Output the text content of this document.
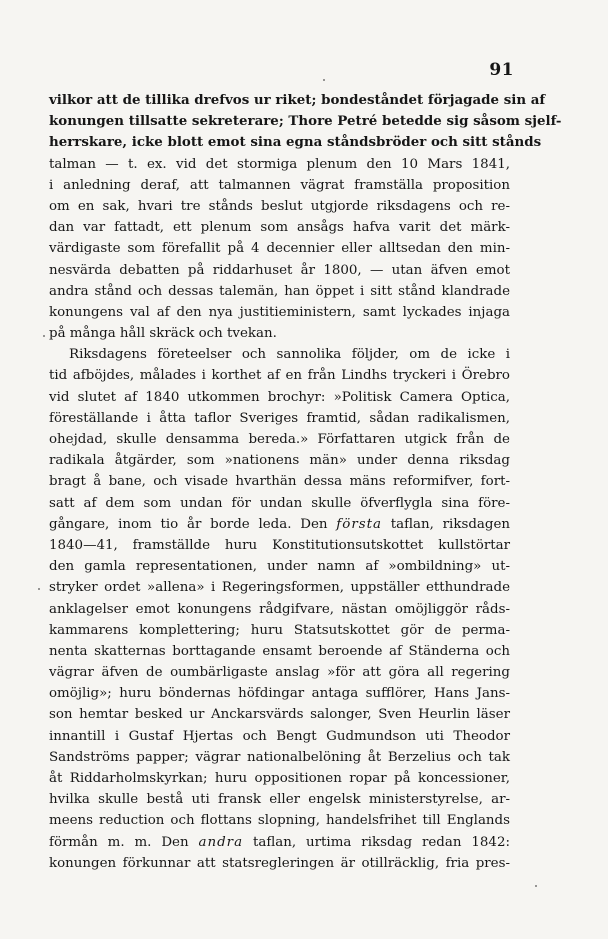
91
vilkor att de tillika drefvos ur riket; bondeståndet förjagade sin af
konungen tillsatte sekreterare; Thore Petré betedde sig såsom sjelf-
herrskare, icke blott emot sina egna ståndsbröder och sitt stånds
talman — t. ex. vid det stormiga plenum den 10 Mars 1841,
i anledning deraf, att talmannen vägrat framställa proposition
om en sak, hvari tre stånds beslut utgjorde riksdagens och re-
dan var fattadt, ett plenum som ansågs hafva varit det märk-
värdigaste som förefallit på 4 decennier eller alltsedan den min-
nesvärda debatten på riddarhuset år 1800, — utan äfven emot
andra stånd och dessas talemän, han öppet i sitt stånd klandrade
konungens val af den nya justitieministern, samt lyckades injaga
på många håll skräck och tvekan.
Riksdagens företeelser och sannolika följder, om de icke i
tid afböjdes, målades i korthet af en från Lindhs tryckeri i Örebro
vid slutet af 1840 utkommen brochyr: »Politisk Camera Optica,
föreställande i åtta taflor Sveriges framtid, sådan radikalismen,
ohejdad, skulle densamma bereda.» Författaren utgick från de
radikala åtgärder, som »nationens män» under denna riksdag
bragt å bane, och visade hvarthän dessa mäns reformifver, fort-
satt af dem som undan för undan skulle öfverflygla sina före-
gångare, inom tio år borde leda. Den första taflan, riksdagen
1840—41, framställde huru Konstitutionsutskottet kullstörtar
den gamla representationen, under namn af »ombildning» ut-
stryker ordet »allena» i Regeringsformen, uppställer etthundrade
anklagelser emot konungens rådgifvare, nästan omöjliggör råds-
kammarens komplettering; huru Statsutskottet gör de perma-
nenta skatternas borttagande ensamt beroende af Ständerna och
vägrar äfven de oumbärligaste anslag »för att göra all regering
omöjlig»; huru böndernas höfdingar antaga sufflörer, Hans Jans-
son hemtar besked ur Anckarsvärds salonger, Sven Heurlin läser
innantill i Gustaf Hjertas och Bengt Gudmundson uti Theodor
Sandströms papper; vägrar nationalbelöning åt Berzelius och tak
åt Riddarholmskyrkan; huru oppositionen ropar på koncessioner,
hvilka skulle bestå uti fransk eller engelsk ministerstyrelse, ar-
meens reduction och flottans slopning, handelsfrihet till Englands
förmån m. m. Den andra taflan, urtima riksdag redan 1842:
konungen förkunnar att statsregleringen är otillräcklig, fria pres-
